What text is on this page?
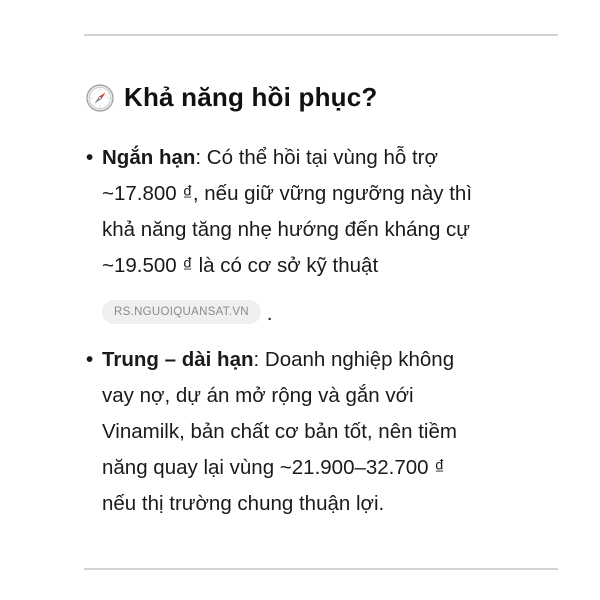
Khả năng hồi phục?
• Ngắn hạn: Có thể hồi tại vùng hỗ trợ
~17.800 ₫, nếu giữ vững ngưỡng này thì
khả năng tăng nhẹ hướng đến kháng cự
~19.500 ₫ là có cơ sở kỹ thuật
RS.NGUOIQUANSAT.VN .
• Trung – dài hạn: Doanh nghiệp không
vay nợ, dự án mở rộng và gắn với
Vinamilk, bản chất cơ bản tốt, nên tiềm
năng quay lại vùng ~21.900–32.700 ₫
nếu thị trường chung thuận lợi.
